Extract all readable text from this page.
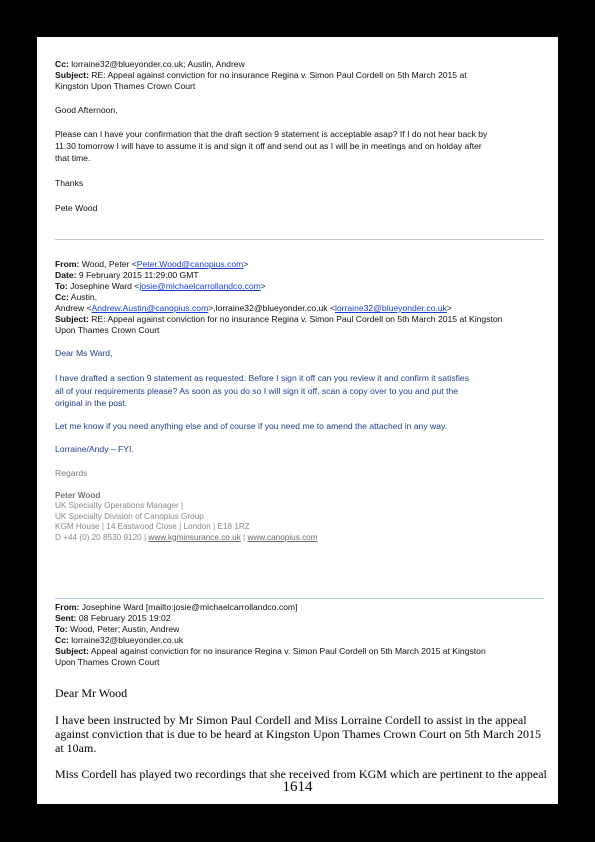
Cc: lorraine32@blueyonder.co.uk; Austin, Andrew
Subject: RE: Appeal against conviction for no insurance Regina v. Simon Paul Cordell on 5th March 2015 at
Kingston Upon Thames Crown Court
Good Afternoon,
Please can I have your confirmation that the draft section 9 statement is acceptable asap? If I do not hear back by
11.30 tomorrow I will have to assume it is and sign it off and send out as I will be in meetings and on holday after
that time.
Thanks
Pete Wood
From: Wood, Peter <Peter.Wood@canopius.com>
Date: 9 February 2015 11:29:00 GMT
To: Josephine Ward <josie@michaelcarrollandco.com>
Cc: Austin,
Andrew <Andrew.Austin@canopius.com>,lorraine32@blueyonder.co.uk <lorraine32@blueyonder.co.uk>
Subject: RE: Appeal against conviction for no insurance Regina v. Simon Paul Cordell on 5th March 2015 at Kingston
Upon Thames Crown Court
Dear Ms Ward,
I have drafted a section 9 statement as requested. Before I sign it off can you review it and confirm it satisfies
all of your requirements please? As soon as you do so I will sign it off, scan a copy over to you and put the
original in the post.
Let me know if you need anything else and of course if you need me to amend the attached in any way.
Lorraine/Andy – FYI.
Regards
Peter Wood
UK Specialty Operations Manager |
UK Specialty Division of Canopius Group
KGM House | 14 Eastwood Close | London | E18 1RZ
D +44 (0) 20 8530 9120 | www.kgminsurance.co.uk | www.canopius.com
From: Josephine Ward [mailto:josie@michaelcarrollandco.com]
Sent: 08 February 2015 19:02
To: Wood, Peter; Austin, Andrew
Cc: lorraine32@blueyonder.co.uk
Subject: Appeal against conviction for no insurance Regina v. Simon Paul Cordell on 5th March 2015 at Kingston
Upon Thames Crown Court
Dear Mr Wood
I have been instructed by Mr Simon Paul Cordell and Miss Lorraine Cordell to assist in the appeal
against conviction that is due to be heard at Kingston Upon Thames Crown Court on 5th March 2015
at 10am.
Miss Cordell has played two recordings that she received from KGM which are pertinent to the appeal
1614
